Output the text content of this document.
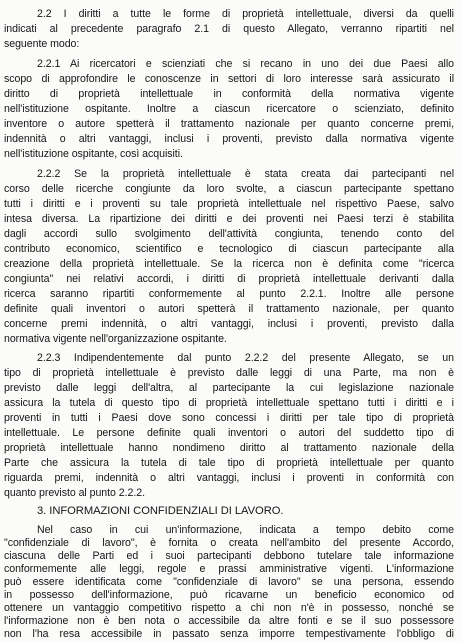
2.2 I diritti a tutte le forme di proprietà intellettuale, diversi da quelli
indicati al precedente paragrafo 2.1 di questo Allegato, verranno ripartiti nel
seguente modo:
2.2.1 Ai ricercatori e scienziati che si recano in uno dei due Paesi allo
scopo di approfondire le conoscenze in settori di loro interesse sarà assicurato il
diritto di proprietà intellettuale in conformità della normativa vigente
nell'istituzione ospitante. Inoltre a ciascun ricercatore o scienziato, definito
inventore o autore spetterà il trattamento nazionale per quanto concerne premi,
indennità o altri vantaggi, inclusi i proventi, previsto dalla normativa vigente
nell'istituzione ospitante, così acquisiti.
2.2.2 Se la proprietà intellettuale è stata creata dai partecipanti nel
corso delle ricerche congiunte da loro svolte, a ciascun partecipante spettano
tutti i diritti e i proventi su tale proprietà intellettuale nel rispettivo Paese, salvo
intesa diversa. La ripartizione dei diritti e dei proventi nei Paesi terzi è stabilita
dagli accordi sullo svolgimento dell'attività congiunta, tenendo conto del
contributo economico, scientifico e tecnologico di ciascun partecipante alla
creazione della proprietà intellettuale. Se la ricerca non è definita come "ricerca
congiunta" nei relativi accordi, i diritti di proprietà intellettuale derivanti dalla
ricerca saranno ripartiti conformemente al punto 2.2.1. Inoltre alle persone
definite quali inventori o autori spetterà il trattamento nazionale, per quanto
concerne premi indennità, o altri vantaggi, inclusi i proventi, previsto dalla
normativa vigente nell'organizzazione ospitante.
2.2.3 Indipendentemente dal punto 2.2.2 del presente Allegato, se un
tipo di proprietà intellettuale è previsto dalle leggi di una Parte, ma non è
previsto dalle leggi dell'altra, al partecipante la cui legislazione nazionale
assicura la tutela di questo tipo di proprietà intellettuale spettano tutti i diritti e i
proventi in tutti i Paesi dove sono concessi i diritti per tale tipo di proprietà
intellettuale. Le persone definite quali inventori o autori del suddetto tipo di
proprietà intellettuale hanno nondimeno diritto al trattamento nazionale della
Parte che assicura la tutela di tale tipo di proprietà intellettuale per quanto
riguarda premi, indennità o altri vantaggi, inclusi i proventi in conformità con
quanto previsto al punto 2.2.2.
3. INFORMAZIONI CONFIDENZIALI DI LAVORO.
Nel caso in cui un'informazione, indicata a tempo debito come
"confidenziale di lavoro", è fornita o creata nell'ambito del presente Accordo,
ciascuna delle Parti ed i suoi partecipanti debbono tutelare tale informazione
conformemente alle leggi, regole e prassi amministrative vigenti. L'informazione
può essere identificata come "confidenziale di lavoro" se una persona, essendo
in possesso dell'informazione, può ricavarne un beneficio economico od
ottenere un vantaggio competitivo rispetto a chi non n'è in possesso, nonché se
l'informazione non è ben nota o accessibile da altre fonti e se il suo possessore
non l'ha resa accessibile in passato senza imporre tempestivamente l'obbligo di
